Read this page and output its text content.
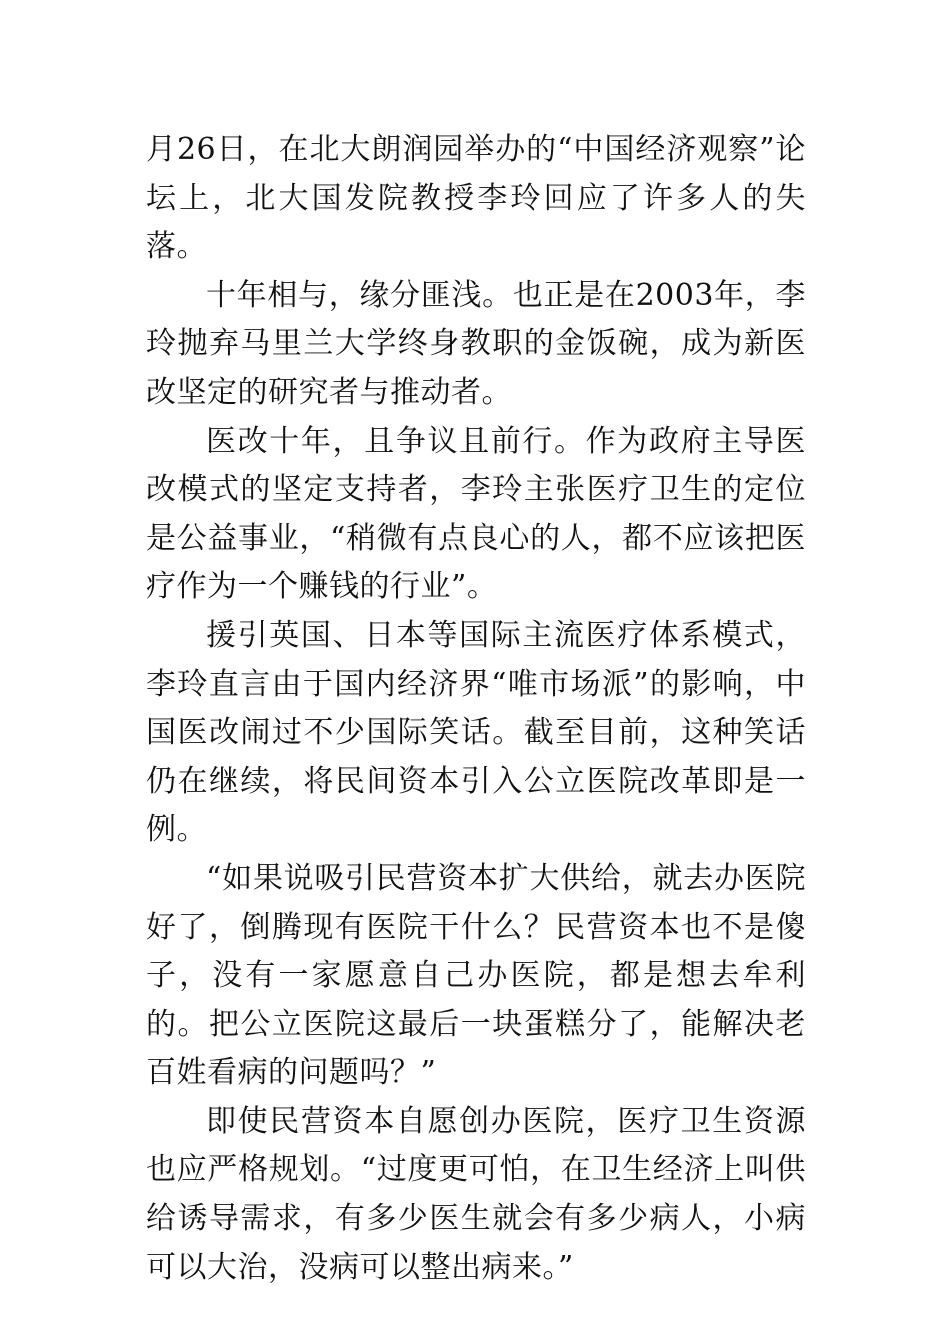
月26日，在北大朗润园举办的“中国经济观察”论坛上，北大国发院教授李玲回应了许多人的失落。

十年相与，缘分匪浅。也正是在2003年，李玲抛弃马里兰大学终身教职的金饭碗，成为新医改坚定的研究者与推动者。

医改十年，且争议且前行。作为政府主导医改模式的坚定支持者，李玲主张医疗卫生的定位是公益事业，“稍微有点良心的人，都不应该把医疗作为一个赚钱的行业”。

援引英国、日本等国际主流医疗体系模式，李玲直言由于国内经济界“唯市场派”的影响，中国医改闹过不少国际笑话。截至目前，这种笑话仍在继续，将民间资本引入公立医院改革即是一例。

“如果说吸引民营资本扩大供给，就去办医院好了，倒腾现有医院干什么？民营资本也不是傻子，没有一家愿意自己办医院，都是想去牟利的。把公立医院这最后一块蛋糕分了，能解决老百姓看病的问题吗？”

即使民营资本自愿创办医院，医疗卫生资源也应严格规划。“过度更可怕，在卫生经济上叫供给诱导需求，有多少医生就会有多少病人，小病可以大治，没病可以整出病来。”
